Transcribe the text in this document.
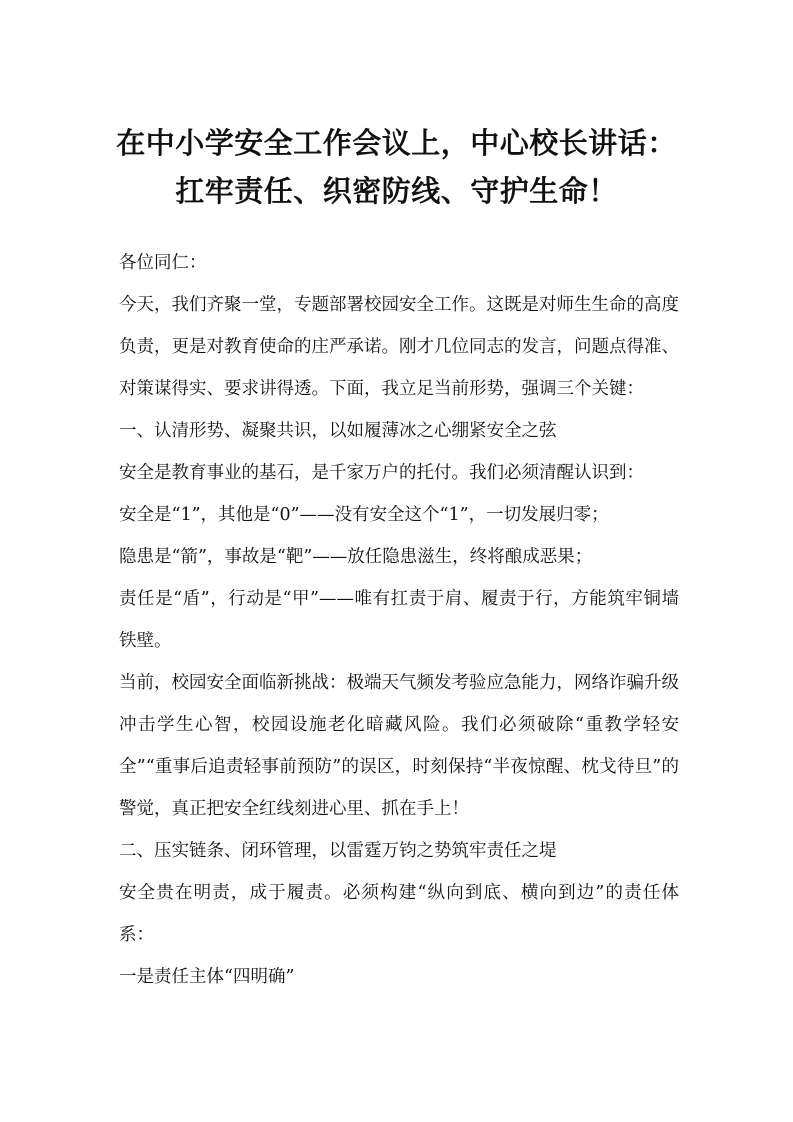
在中小学安全工作会议上，中心校长讲话：
扛牢责任、织密防线、守护生命！

各位同仁：

今天，我们齐聚一堂，专题部署校园安全工作。这既是对师生生命的高度负责，更是对教育使命的庄严承诺。刚才几位同志的发言，问题点得准、对策谋得实、要求讲得透。下面，我立足当前形势，强调三个关键：

一、认清形势、凝聚共识，以如履薄冰之心绷紧安全之弦

安全是教育事业的基石，是千家万户的托付。我们必须清醒认识到：

安全是“1”，其他是“0”——没有安全这个“1”，一切发展归零；

隐患是“箭”，事故是“靶”——放任隐患滋生，终将酿成恶果；

责任是“盾”，行动是“甲”——唯有扛责于肩、履责于行，方能筑牢铜墙铁壁。

当前，校园安全面临新挑战：极端天气频发考验应急能力，网络诈骗升级冲击学生心智，校园设施老化暗藏风险。我们必须破除“重教学轻安全”“重事后追责轻事前预防”的误区，时刻保持“半夜惊醒、枕戈待旦”的警觉，真正把安全红线刻进心里、抓在手上！

二、压实链条、闭环管理，以雷霆万钧之势筑牢责任之堤

安全贵在明责，成于履责。必须构建“纵向到底、横向到边”的责任体系：

一是责任主体“四明确”
